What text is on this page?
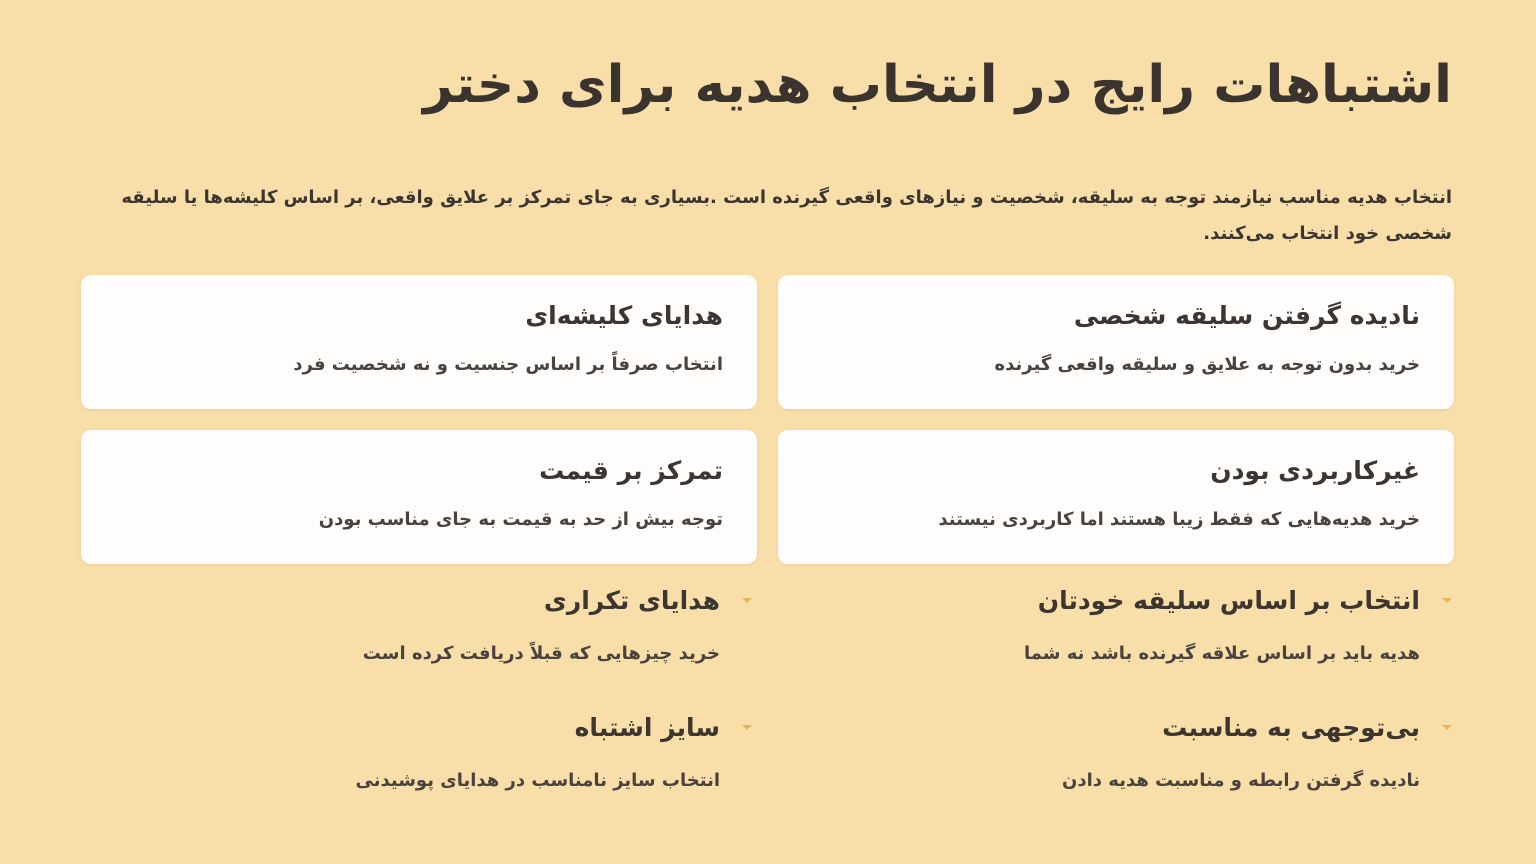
اشتباهات رایج در انتخاب هدیه برای دختر

انتخاب هدیه مناسب نیازمند توجه به سلیقه، شخصیت و نیازهای واقعی گیرنده است .بسیاری به جای تمرکز بر علایق واقعی، بر اساس کلیشه‌ها یا سلیقه شخصی خود انتخاب می‌کنند.

نادیده گرفتن سلیقه شخصی

خرید بدون توجه به علایق و سلیقه واقعی گیرنده

هدایای کلیشه‌ای

انتخاب صرفاً بر اساس جنسیت و نه شخصیت فرد

غیرکاربردی بودن

خرید هدیه‌هایی که فقط زیبا هستند اما کاربردی نیستند

تمرکز بر قیمت

توجه بیش از حد به قیمت به جای مناسب بودن

انتخاب بر اساس سلیقه خودتان

هدیه باید بر اساس علاقه گیرنده باشد نه شما

هدایای تکراری

خرید چیزهایی که قبلاً دریافت کرده است

بی‌توجهی به مناسبت

نادیده گرفتن رابطه و مناسبت هدیه دادن

سایز اشتباه

انتخاب سایز نامناسب در هدایای پوشیدنی
